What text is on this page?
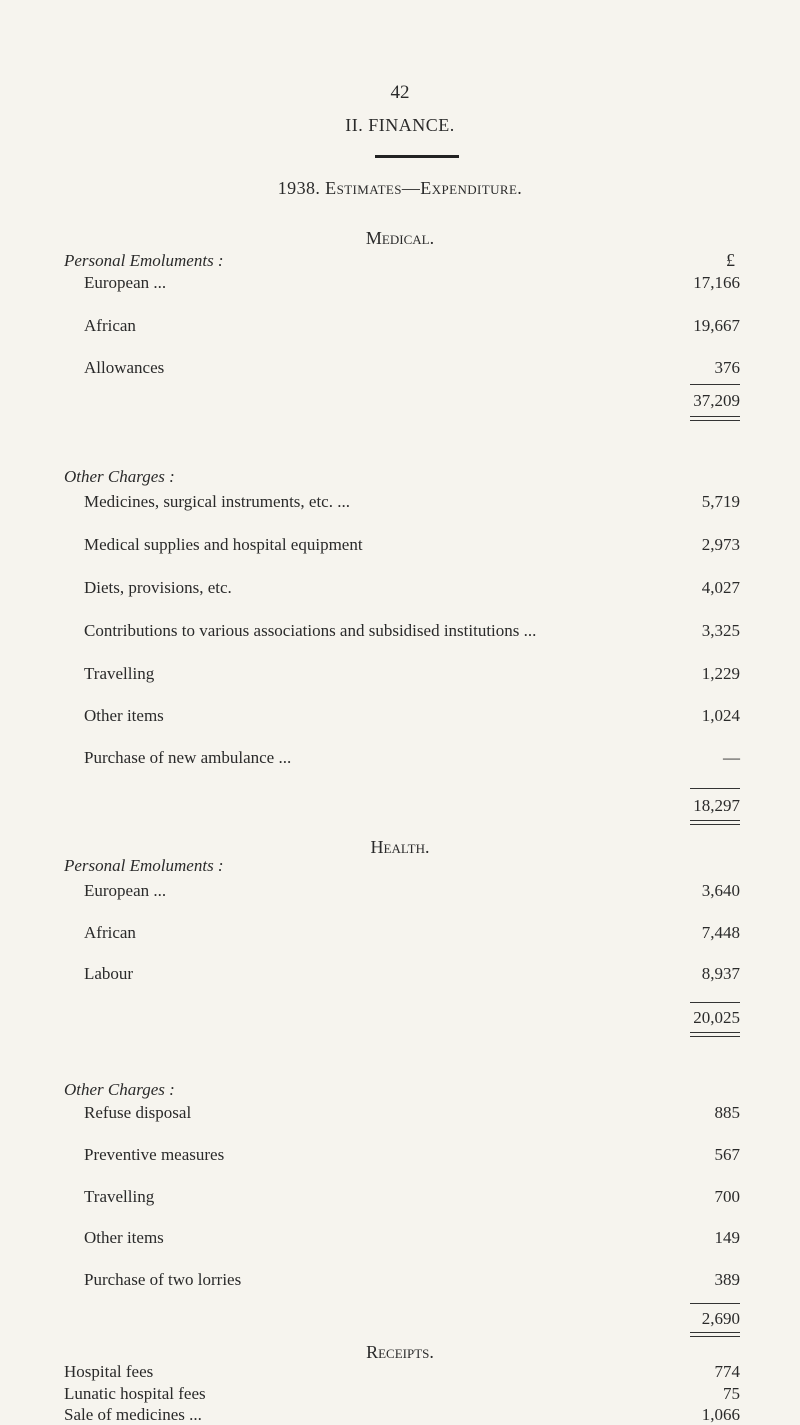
42
II. FINANCE.
1938. Estimates—Expenditure.
Medical.
Personal Emoluments :	£
European ...	17,166
African	19,667
Allowances	376
37,209
Other Charges :
Medicines, surgical instruments, etc. ...	5,719
Medical supplies and hospital equipment	2,973
Diets, provisions, etc.	4,027
Contributions to various associations and subsidised institutions ...	3,325
Travelling	1,229
Other items	1,024
Purchase of new ambulance ...	—
18,297
Health.
Personal Emoluments :
European ...	3,640
African	7,448
Labour	8,937
20,025
Other Charges :
Refuse disposal	885
Preventive measures	567
Travelling	700
Other items	149
Purchase of two lorries	389
2,690
Receipts.
Hospital fees	774
Lunatic hospital fees	75
Sale of medicines ...	1,066
